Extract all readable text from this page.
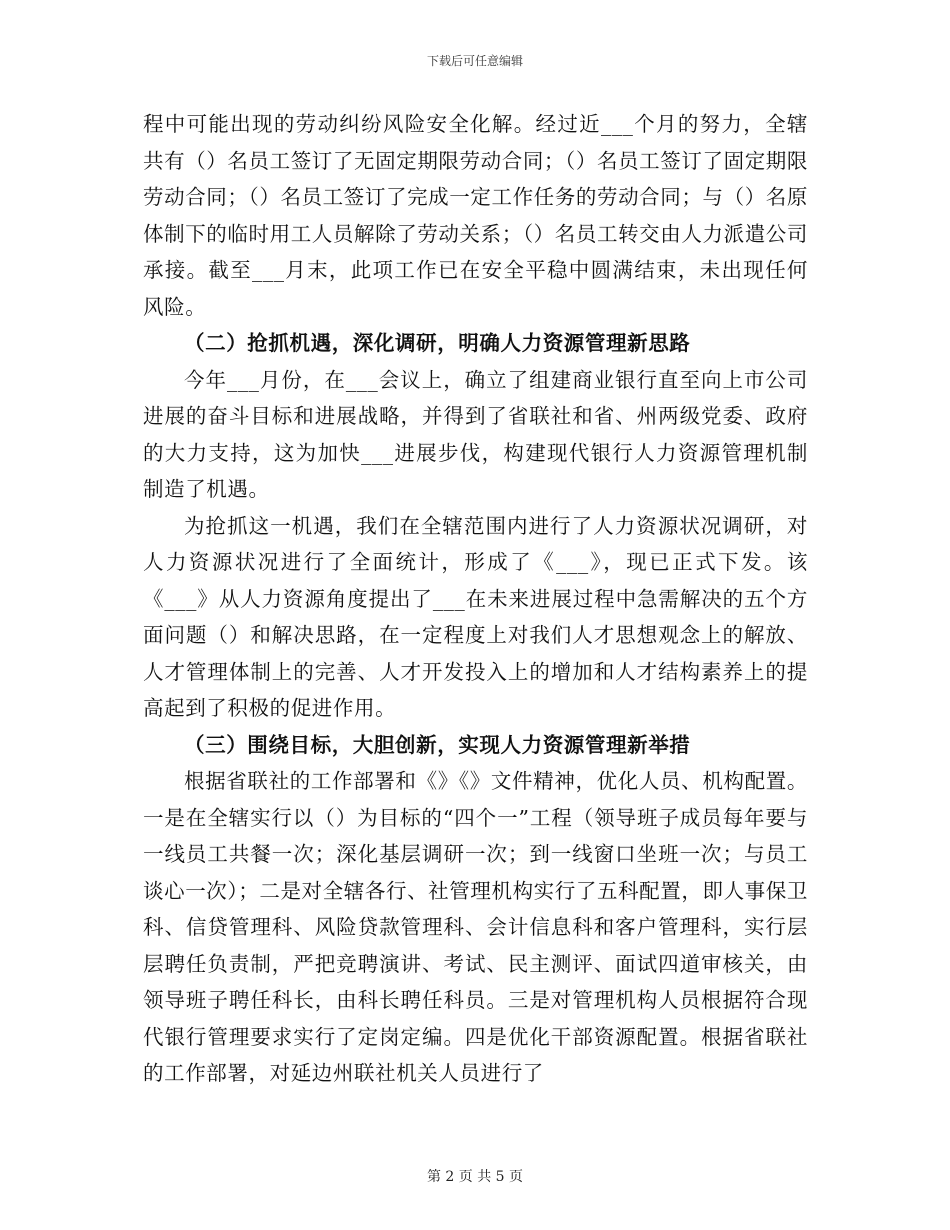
下载后可任意编辑

程中可能出现的劳动纠纷风险安全化解。经过近___个月的努力，全辖共有（）名员工签订了无固定期限劳动合同；（）名员工签订了固定期限劳动合同；（）名员工签订了完成一定工作任务的劳动合同；与（）名原体制下的临时用工人员解除了劳动关系；（）名员工转交由人力派遣公司承接。截至___月末，此项工作已在安全平稳中圆满结束，未出现任何风险。

（二）抢抓机遇，深化调研，明确人力资源管理新思路

今年___月份，在___会议上，确立了组建商业银行直至向上市公司进展的奋斗目标和进展战略，并得到了省联社和省、州两级党委、政府的大力支持，这为加快___进展步伐，构建现代银行人力资源管理机制制造了机遇。

为抢抓这一机遇，我们在全辖范围内进行了人力资源状况调研，对人力资源状况进行了全面统计，形成了《___》，现已正式下发。该《___》从人力资源角度提出了___在未来进展过程中急需解决的五个方面问题（）和解决思路，在一定程度上对我们人才思想观念上的解放、人才管理体制上的完善、人才开发投入上的增加和人才结构素养上的提高起到了积极的促进作用。

（三）围绕目标，大胆创新，实现人力资源管理新举措

根据省联社的工作部署和《》《》文件精神，优化人员、机构配置。一是在全辖实行以（）为目标的“四个一”工程（领导班子成员每年要与一线员工共餐一次；深化基层调研一次；到一线窗口坐班一次；与员工谈心一次）；二是对全辖各行、社管理机构实行了五科配置，即人事保卫科、信贷管理科、风险贷款管理科、会计信息科和客户管理科，实行层层聘任负责制，严把竞聘演讲、考试、民主测评、面试四道审核关，由领导班子聘任科长，由科长聘任科员。三是对管理机构人员根据符合现代银行管理要求实行了定岗定编。四是优化干部资源配置。根据省联社的工作部署，对延边州联社机关人员进行了

第 2 页 共 5 页
